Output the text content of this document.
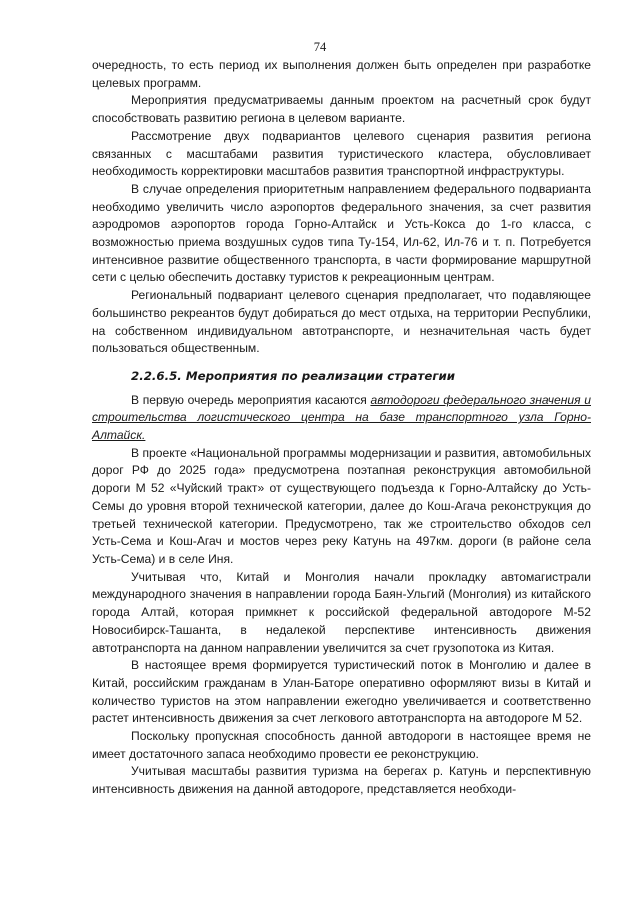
74

очередность, то есть период их выполнения должен быть определен при разработке целевых программ.

Мероприятия предусматриваемы данным проектом на расчетный срок будут способствовать развитию региона в целевом варианте.

Рассмотрение двух подвариантов целевого сценария развития региона связанных с масштабами развития туристического кластера, обусловливает необходимость корректировки масштабов развития транспортной инфраструктуры.

В случае определения приоритетным направлением федерального подварианта необходимо увеличить число аэропортов федерального значения, за счет развития аэродромов аэропортов города Горно-Алтайск и Усть-Кокса до 1-го класса, с возможностью приема воздушных судов типа Ту-154, Ил-62, Ил-76 и т. п. Потребуется интенсивное развитие общественного транспорта, в части формирование маршрутной сети с целью обеспечить доставку туристов к рекреационным центрам.

Региональный подвариант целевого сценария предполагает, что подавляющее большинство рекреантов будут добираться до мест отдыха, на территории Республики, на собственном индивидуальном автотранспорте, и незначительная часть будет пользоваться общественным.

2.2.6.5. Мероприятия по реализации стратегии

В первую очередь мероприятия касаются автодороги федерального значения и строительства логистического центра на базе транспортного узла Горно-Алтайск.

В проекте «Национальной программы модернизации и развития, автомобильных дорог РФ до 2025 года» предусмотрена поэтапная реконструкция автомобильной дороги М 52 «Чуйский тракт» от существующего подъезда к Горно-Алтайску до Усть-Семы до уровня второй технической категории, далее до Кош-Агача реконструкция до третьей технической категории. Предусмотрено, так же строительство обходов сел Усть-Сема и Кош-Агач и мостов через реку Катунь на 497км. дороги (в районе села Усть-Сема) и в селе Иня.

Учитывая что, Китай и Монголия начали прокладку автомагистрали международного значения в направлении города Баян-Ульгий (Монголия) из китайского города Алтай, которая примкнет к российской федеральной автодороге М-52 Новосибирск-Ташанта, в недалекой перспективе интенсивность движения автотранспорта на данном направлении увеличится за счет грузопотока из Китая.

В настоящее время формируется туристический поток в Монголию и далее в Китай, российским гражданам в Улан-Баторе оперативно оформляют визы в Китай и количество туристов на этом направлении ежегодно увеличивается и соответственно растет интенсивность движения за счет легкового автотранспорта на автодороге М 52.

Поскольку пропускная способность данной автодороги в настоящее время не имеет достаточного запаса необходимо провести ее реконструкцию.

Учитывая масштабы развития туризма на берегах р. Катунь и перспективную интенсивность движения на данной автодороге, представляется необходи-
